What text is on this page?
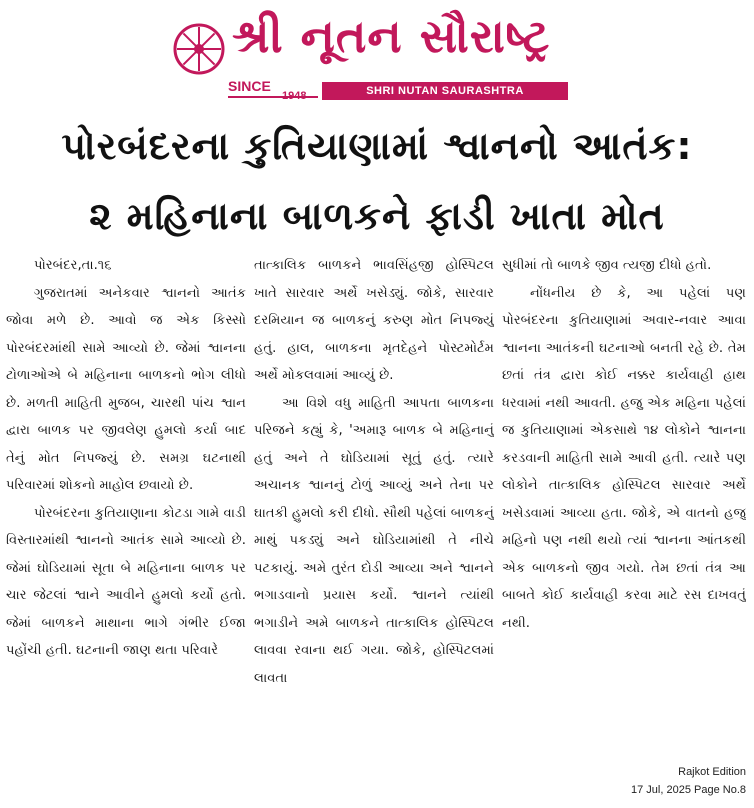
શ્રી નૂતન સૌરાષ્ટ્ર
SINCE
1948	SHRI NUTAN SAURASHTRA
પોરબંદરના કુતિયાણામાં શ્વાનનો આતંક:
૨ મહિનાના બાળકને ફાડી ખાતા મોત

પોરબંદર,તા.૧૬

ગુજરાતમાં અનેકવાર શ્વાનનો આતંક જોવા મળે છે. આવો જ એક કિસ્સો પોરબંદરમાંથી સામે આવ્યો છે. જેમાં શ્વાનના ટોળાઓએ બે મહિનાના બાળકનો ભોગ લીધો છે. મળતી માહિતી મુજબ, ચારથી પાંચ શ્વાન દ્વારા બાળક પર જીવલેણ હુમલો કર્યા બાદ તેનું મોત નિપજ્યું છે. સમગ્ર ઘટનાથી પરિવારમાં શોકનો માહોલ છવાયો છે.

પોરબંદરના કુતિયાણાના કોટડા ગામે વાડી વિસ્તારમાંથી શ્વાનનો આતંક સામે આવ્યો છે. જેમાં ઘોડિયામાં સૂતા બે મહિનાના બાળક પર ચાર જેટલાં શ્વાને આવીને હુમલો કર્યો હતો. જેમાં બાળકને માથાના ભાગે ગંભીર ઈજા પહોંચી હતી. ઘટનાની જાણ થતા પરિવારે

તાત્કાલિક બાળકને ભાવસિંહજી હોસ્પિટલ ખાતે સારવાર અર્થે ખસેડ્યું. જોકે, સારવાર દરમિયાન જ બાળકનું કરુણ મોત નિપજ્યું હતું. હાલ, બાળકના મૃતદેહને પોસ્ટમોર્ટમ અર્થે મોકલવામાં આવ્યું છે.

આ વિશે વધુ માહિતી આપતા બાળકના પરિજને કહ્યું કે, 'અમારૂ બાળક બે મહિનાનું હતું અને તે ઘોડિયામાં સૂતું હતું. ત્યારે અચાનક શ્વાનનું ટોળું આવ્યું અને તેના પર ઘાતકી હુમલો કરી દીધો. સૌથી પહેલાં બાળકનું માથું પકડ્યું અને ઘોડિયામાંથી તે નીચે પટકાયું. અમે તુરંત દોડી આવ્યા અને શ્વાનને ભગાડવાનો પ્રયાસ કર્યો. શ્વાનને ત્યાંથી ભગાડીને અમે બાળકને તાત્કાલિક હોસ્પિટલ લાવવા રવાના થઈ ગયા. જોકે, હોસ્પિટલમાં લાવતા

સુધીમાં તો બાળકે જીવ ત્યજી દીધો હતો.

નોંધનીય છે કે, આ પહેલાં પણ પોરબંદરના કુતિયાણામાં અવાર-નવાર આવા શ્વાનના આતંકની ઘટનાઓ બનતી રહે છે. તેમ છતાં તંત્ર દ્વારા કોઈ નક્કર કાર્યવાહી હાથ ધરવામાં નથી આવતી. હજુ એક મહિના પહેલાં જ કુતિયાણામાં એકસાથે ૧૪ લોકોને શ્વાનના કરડવાની માહિતી સામે આવી હતી. ત્યારે પણ લોકોને તાત્કાલિક હોસ્પિટલ સારવાર અર્થે ખસેડવામાં આવ્યા હતા. જોકે, એ વાતનો હજુ મહિનો પણ નથી થયો ત્યાં શ્વાનના આંતકથી એક બાળકનો જીવ ગયો. તેમ છતાં તંત્ર આ બાબતે કોઈ કાર્યવાહી કરવા માટે રસ દાખવતું નથી.

Rajkot Edition
17 Jul, 2025 Page No.8
